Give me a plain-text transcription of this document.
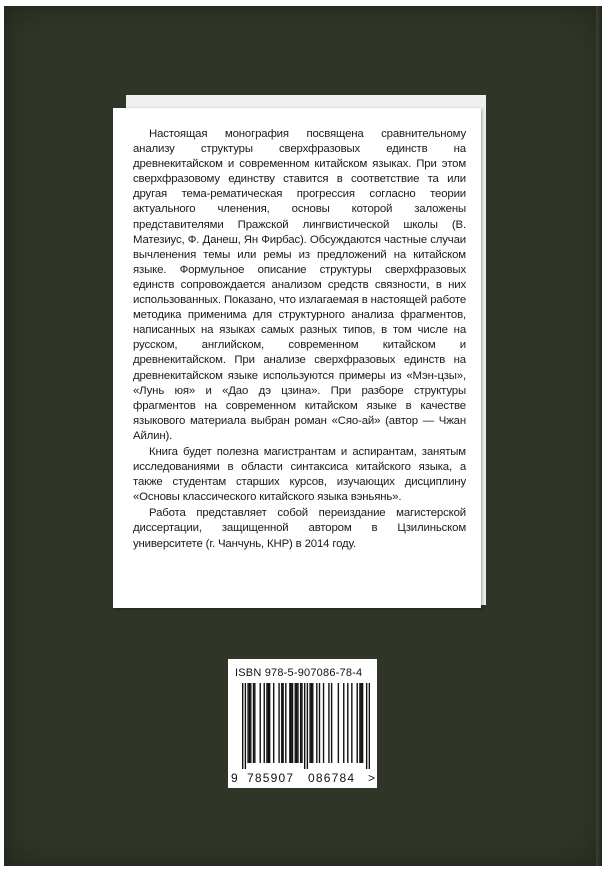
Настоящая монография посвящена сравнительному анализу структуры сверхфразовых единств на древнекитайском и современном китайском языках. При этом сверхфразовому единству ставится в соответствие та или другая тема-рематическая прогрессия согласно теории актуального членения, основы которой заложены представителями Пражской лингвистической школы (В. Матезиус, Ф. Данеш, Ян Фирбас). Обсуждаются частные случаи вычленения темы или ремы из предложений на китайском языке. Формульное описание структуры сверхфразовых единств сопровождается анализом средств связности, в них использованных. Показано, что излагаемая в настоящей работе методика применима для структурного анализа фрагментов, написанных на языках самых разных типов, в том числе на русском, английском, современном китайском и древнекитайском. При анализе сверхфразовых единств на древнекитайском языке используются примеры из «Мэн-цзы», «Лунь юя» и «Дао дэ цзина». При разборе структуры фрагментов на современном китайском языке в качестве языкового материала выбран роман «Сяо-ай» (автор — Чжан Айлин).

Книга будет полезна магистрантам и аспирантам, занятым исследованиями в области синтаксиса китайского языка, а также студентам старших курсов, изучающих дисциплину «Основы классического китайского языка вэньянь».

Работа представляет собой переиздание магистерской диссертации, защищенной автором в Цзилиньском университете (г. Чанчунь, КНР) в 2014 году.

ISBN 978-5-907086-78-4
9 785907 086784 >
